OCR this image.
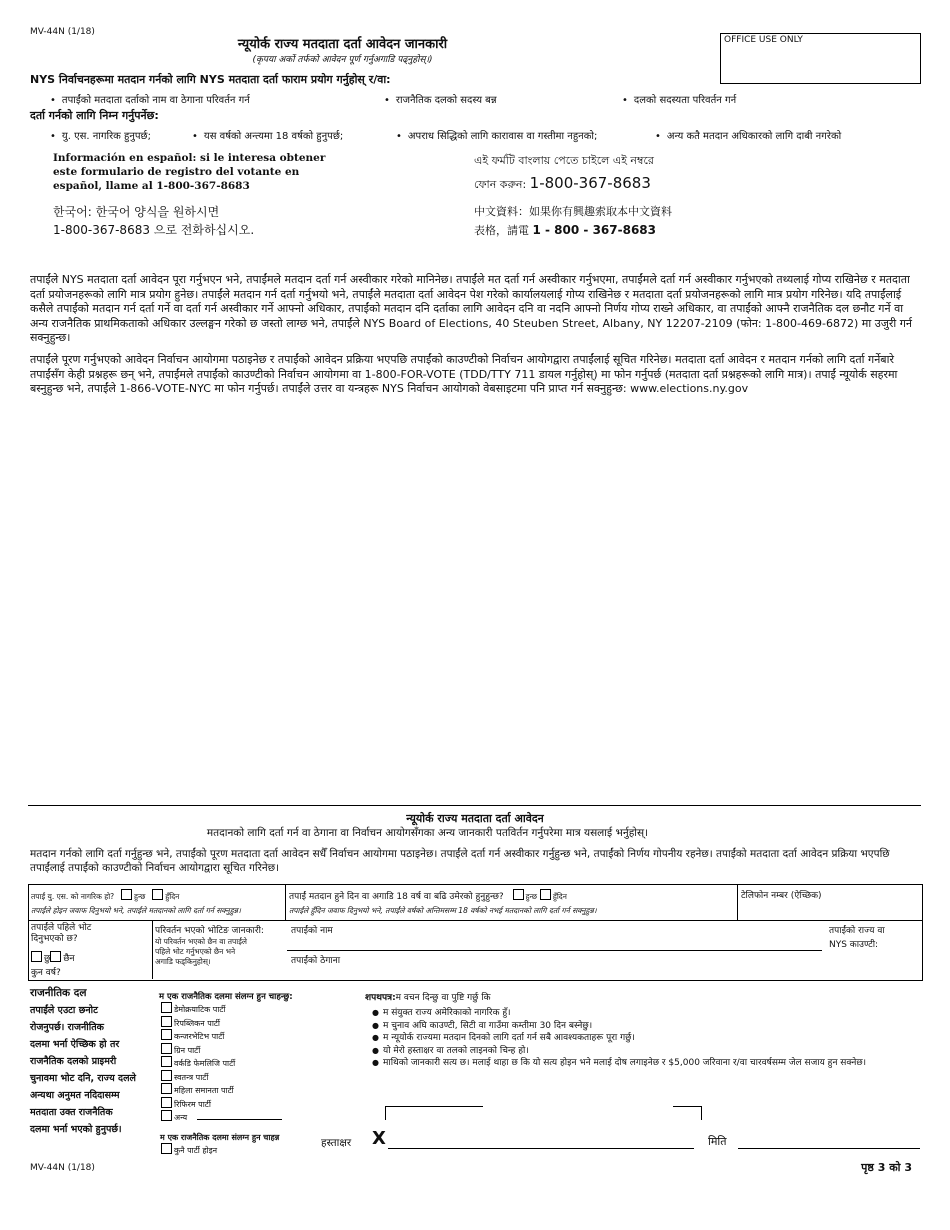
MV-44N (1/18)
न्यूयोर्क राज्य मतदाता दर्ता आवेदन जानकारी
(कृपया अकों तर्फको आवेदन पूर्ण गर्नुअगाडि पढ्नुहोस्।)
OFFICE USE ONLY
NYS निर्वाचनहरूमा मतदान गर्नको लागि NYS मतदाता दर्ता फाराम प्रयोग गर्नुहोस् र/वा:
• तपाईंको मतदाता दर्ताको नाम वा ठेगाना परिवर्तन गर्न	• राजनैतिक दलको सदस्य बन्न	• दलको सदस्यता परिवर्तन गर्न
दर्ता गर्नको लागि निम्न गर्नुपर्नेछ:
• यु. एस. नागरिक हुनुपर्छ;	• यस वर्षको अन्त्यमा 18 वर्षको हुनुपर्छ;	• अपराध सिद्धिको लागि कारावास वा गस्तीमा नहुनको;	• अन्य कतै मतदान अधिकारको लागि दाबी नगरेको
Información en español: si le interesa obtener
este formulario de registro del votante en
español, llame al 1-800-367-8683
한국어: 한국어 양식을 원하시면
1-800-367-8683 으로 전화하십시오.
এই ফর্মটি বাংলায় পেতে চাইলে এই নম্বরে
ফোন করুন: 1-800-367-8683
中文資料：如果你有興趣索取本中文資料
表格，請電 1 - 800 - 367-8683
तपाईंले NYS मतदाता दर्ता आवेदन पूरा गर्नुभएन भने, तपाईंमले मतदान दर्ता गर्न अस्वीकार गरेको मानिनेछ। तपाईंले मत दर्ता गर्न अस्वीकार गर्नुभएमा, तपाईंमले दर्ता गर्न अस्वीकार गर्नुभएको तथ्यलाई गोप्य राखिनेछ र मतदाता दर्ता प्रयोजनहरूको लागि मात्र प्रयोग हुनेछ। तपाईंले मतदान गर्न दर्ता गर्नुभयो भने, तपाईंले मतदाता दर्ता आवेदन पेश गरेको कार्यालयलाई गोप्य राखिनेछ र मतदाता दर्ता प्रयोजनहरूको लागि मात्र प्रयोग गरिनेछ। यदि तपाईंलाई कसैले तपाईंको मतदान गर्न दर्ता गर्ने वा दर्ता गर्न अस्वीकार गर्ने आफ्नो अधिकार, तपाईंको मतदान दनि दर्ताका लागि आवेदन दनि वा नदनि आफ्नो निर्णय गोप्य राख्ने अधिकार, वा तपाईंको आफ्नै राजनैतिक दल छनौट गर्ने वा अन्य राजनैतिक प्राथमिकताको अधिकार उल्लङ्घन गरेको छ जस्तो लाग्छ भने, तपाईंले NYS Board of Elections, 40 Steuben Street, Albany, NY 12207-2109 (फोन: 1-800-469-6872) मा उजुरी गर्न सक्नुहुन्छ।
तपाईंले पूरण गर्नुभएको आवेदन निर्वाचन आयोगमा पठाइनेछ र तपाईंको आवेदन प्रक्रिया भएपछि तपाईंको काउण्टीको निर्वाचन आयोगद्वारा तपाईंलाई सूचित गरिनेछ। मतदाता दर्ता आवेदन र मतदान गर्नको लागि दर्ता गर्नेबारे तपाईंसँग केही प्रश्नहरू छन् भने, तपाईंमले तपाईंको काउण्टीको निर्वाचन आयोगमा वा 1-800-FOR-VOTE (TDD/TTY 711 डायल गर्नुहोस्) मा फोन गर्नुपर्छ (मतदाता दर्ता प्रश्नहरूको लागि मात्र)। तपाईं न्यूयोर्क सहरमा बस्नुहुन्छ भने, तपाईंले 1-866-VOTE-NYC मा फोन गर्नुपर्छ। तपाईंले उत्तर वा यन्त्रहरू NYS निर्वाचन आयोगको वेबसाइटमा पनि प्राप्त गर्न सक्नुहुन्छ: www.elections.ny.gov
न्यूयोर्क राज्य मतदाता दर्ता आवेदन
मतदानको लागि दर्ता गर्न वा ठेगाना वा निर्वाचन आयोगसँगका अन्य जानकारी पतविर्तन गर्नुपरेमा मात्र यसलाई भर्नुहोस्।
मतदान गर्नको लागि दर्ता गर्नुहुन्छ भने, तपाईंको पूरण मतदाता दर्ता आवेदन सधैँ निर्वाचन आयोगमा पठाइनेछ। तपाईंले दर्ता गर्न अस्वीकार गर्नुहुन्छ भने, तपाईंको निर्णय गोपनीय रहनेछ। तपाईंको मतदाता दर्ता आवेदन प्रक्रिया भएपछि तपाईंलाई तपाईंको काउण्टीको निर्वाचन आयोगद्वारा सूचित गरिनेछ।
तपाईं यु. एस. को नागरिक हो?	हुन्छ	हुँदिन
तपाईंले होइन जवाफ दिनुभयो भने, तपाईंले मतदानको लागि दर्ता गर्न सक्नुहुन्न।
तपाईं मतदान हुने दिन वा अगाडि 18 वर्ष वा बढि उमेरको हुनुहुन्छ?	हुन्छ हुँदिन
तपाईंले हुँदिन जवाफ दिनुभयो भने, तपाईंले वर्षको अन्तिमसम्म 18 वर्षको नभई मतदानको लागि दर्ता गर्न सक्नुहुन्न।
टेलिफोन नम्बर (ऐच्छिक)
तपाईंले पहिले भोट
दिनुभएको छ?
छु छैन
कुन वर्ष?
परिवर्तन भएको भोटिङ जानकारी:
यो परिवर्तन भएको छैन वा तपाईंले
पहिले भोट गर्नुभएको छैन भने
अगाडि फड्किनुहोस्।
तपाईंको नाम
तपाईंको ठेगाना
तपाईंको राज्य वा
NYS काउण्टी:
राजनीतिक दल
तपाईंले एउटा छनोट
रोजनुपर्छ। राजनीतिक
दलमा भर्ना ऐच्छिक हो तर
राजनैतिक दलको प्राइमरी
चुनावमा भोट दनि, राज्य दलले
अन्यथा अनुमत नदिदासम्म
मतदाता उक्त राजनैतिक
दलमा भर्ना भएको हुनुपर्छ।
म एक राजनैतिक दलमा संलग्न हुन चाहन्छु:
डेमोक्रयाटिक पार्टी
रिपब्लिकन पार्टी
कन्जरभेटिभ पार्टी
ग्रिन पार्टी
वर्कडि फेमलिजि पार्टी
स्वतन्त्र पार्टी
महिला समानता पार्टी
रिफिरम पार्टी
अन्य
म एक राजनैतिक दलमा संलग्न हुन चाहन्न
कुनै पार्टी होइन
शपथपत्र:म वचन दिन्छु वा पुष्टि गर्छु कि
● म संयुक्त राज्य अमेरिकाको नागरिक हुँ।
● म चुनाव अघि काउण्टी, सिटी वा गाउँमा कम्तीमा 30 दिन बस्नेछु।
● म न्यूयोर्क राज्यमा मतदान दिनको लागि दर्ता गर्न सबै आवश्यकताहरू पूरा गर्छु।
● यो मेरो हस्ताक्षर वा तलको लाइनको चिन्ह हो।
● माथिको जानकारी सत्य छ। मलाई थाहा छ कि यो सत्य होइन भने मलाई दोष लगाइनेछ र $5,000 जरिवाना र/वा चारवर्षसम्म जेल सजाय हुन सक्नेछ।
हस्ताक्षर X	मिति
MV-44N (1/18)	पृष्ठ 3 को 3
